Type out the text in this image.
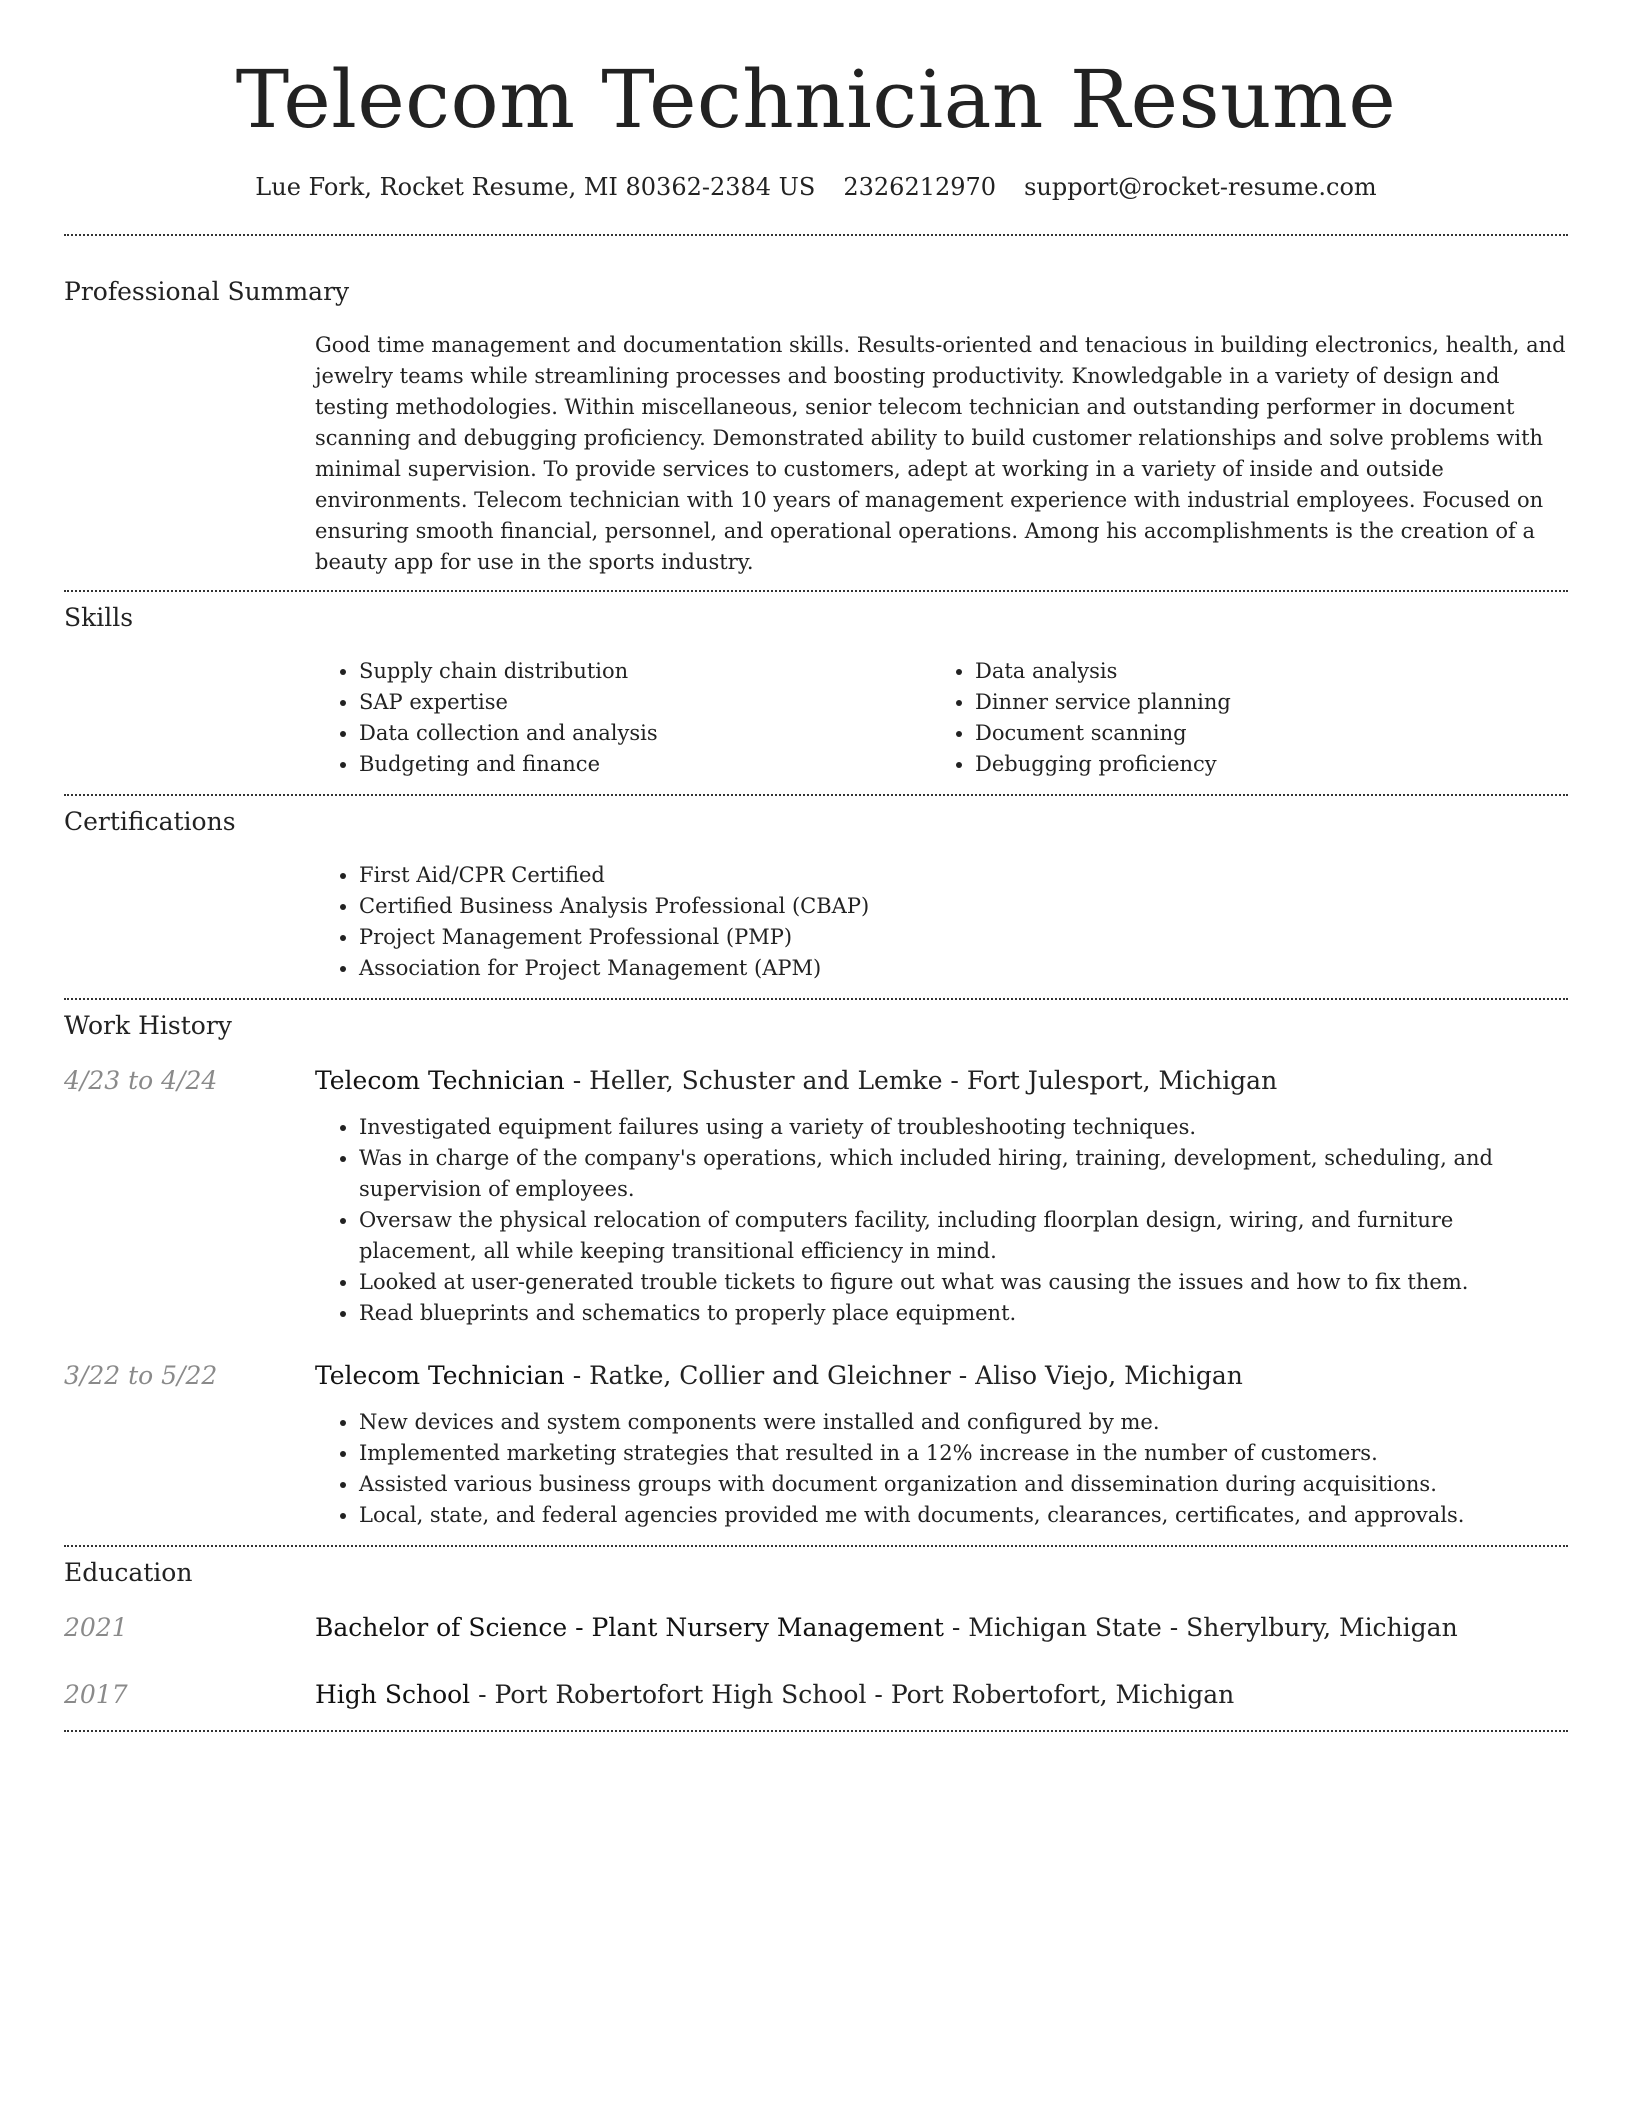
Telecom Technician Resume
Lue Fork, Rocket Resume, MI 80362-2384 US 2326212970 support@rocket-resume.com
Professional Summary

Good time management and documentation skills. Results-oriented and tenacious in building electronics, health, and jewelry teams while streamlining processes and boosting productivity. Knowledgable in a variety of design and testing methodologies. Within miscellaneous, senior telecom technician and outstanding performer in document scanning and debugging proficiency. Demonstrated ability to build customer relationships and solve problems with minimal supervision. To provide services to customers, adept at working in a variety of inside and outside environments. Telecom technician with 10 years of management experience with industrial employees. Focused on ensuring smooth financial, personnel, and operational operations. Among his accomplishments is the creation of a beauty app for use in the sports industry.

Skills
• Supply chain distribution
• SAP expertise
• Data collection and analysis
• Budgeting and finance
• Data analysis
• Dinner service planning
• Document scanning
• Debugging proficiency
Certifications
• First Aid/CPR Certified
• Certified Business Analysis Professional (CBAP)
• Project Management Professional (PMP)
• Association for Project Management (APM)
Work History
4/23 to 4/24	Telecom Technician - Heller, Schuster and Lemke - Fort Julesport, Michigan
• Investigated equipment failures using a variety of troubleshooting techniques.
• Was in charge of the company's operations, which included hiring, training, development, scheduling, and supervision of employees.
• Oversaw the physical relocation of computers facility, including floorplan design, wiring, and furniture placement, all while keeping transitional efficiency in mind.
• Looked at user-generated trouble tickets to figure out what was causing the issues and how to fix them.
• Read blueprints and schematics to properly place equipment.
3/22 to 5/22	Telecom Technician - Ratke, Collier and Gleichner - Aliso Viejo, Michigan
• New devices and system components were installed and configured by me.
• Implemented marketing strategies that resulted in a 12% increase in the number of customers.
• Assisted various business groups with document organization and dissemination during acquisitions.
• Local, state, and federal agencies provided me with documents, clearances, certificates, and approvals.
Education
2021	Bachelor of Science - Plant Nursery Management - Michigan State - Sherylbury, Michigan
2017	High School - Port Robertofort High School - Port Robertofort, Michigan
